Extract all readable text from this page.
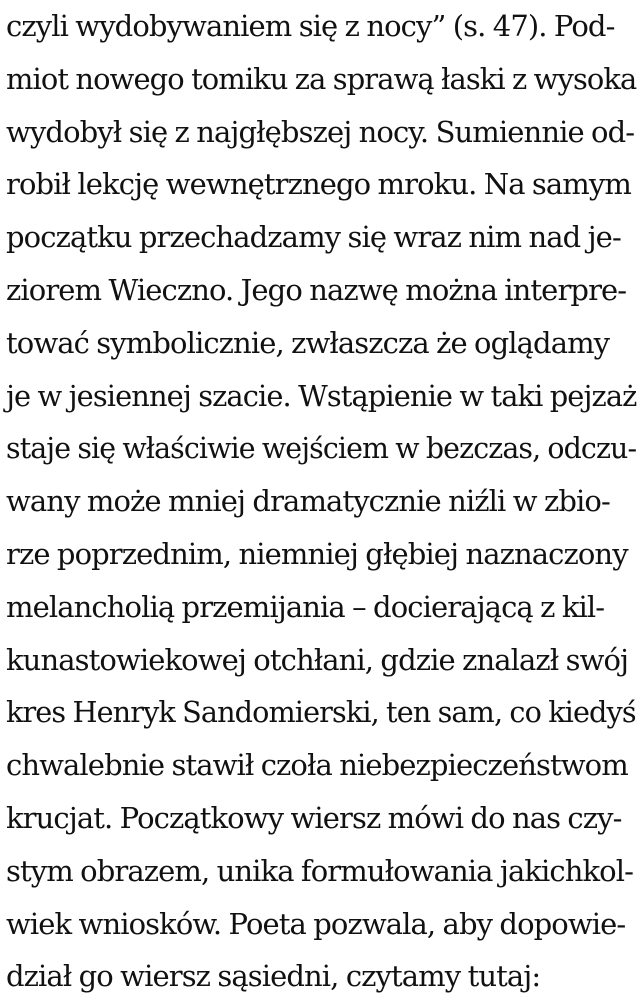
czyli wydobywaniem się z nocy” (s. 47). Pod-
miot nowego tomiku za sprawą łaski z wysoka
wydobył się z najgłębszej nocy. Sumiennie od-
robił lekcję wewnętrznego mroku. Na samym
początku przechadzamy się wraz nim nad je-
ziorem Wieczno. Jego nazwę można interpre-
tować symbolicznie, zwłaszcza że oglądamy
je w jesiennej szacie. Wstąpienie w taki pejzaż
staje się właściwie wejściem w bezczas, odczu-
wany może mniej dramatycznie niźli w zbio-
rze poprzednim, niemniej głębiej naznaczony
melancholią przemijania – docierającą z kil-
kunastowiekowej otchłani, gdzie znalazł swój
kres Henryk Sandomierski, ten sam, co kiedyś
chwalebnie stawił czoła niebezpieczeństwom
krucjat. Początkowy wiersz mówi do nas czy-
stym obrazem, unika formułowania jakichkol-
wiek wniosków. Poeta pozwala, aby dopowie-
dział go wiersz sąsiedni, czytamy tutaj:
